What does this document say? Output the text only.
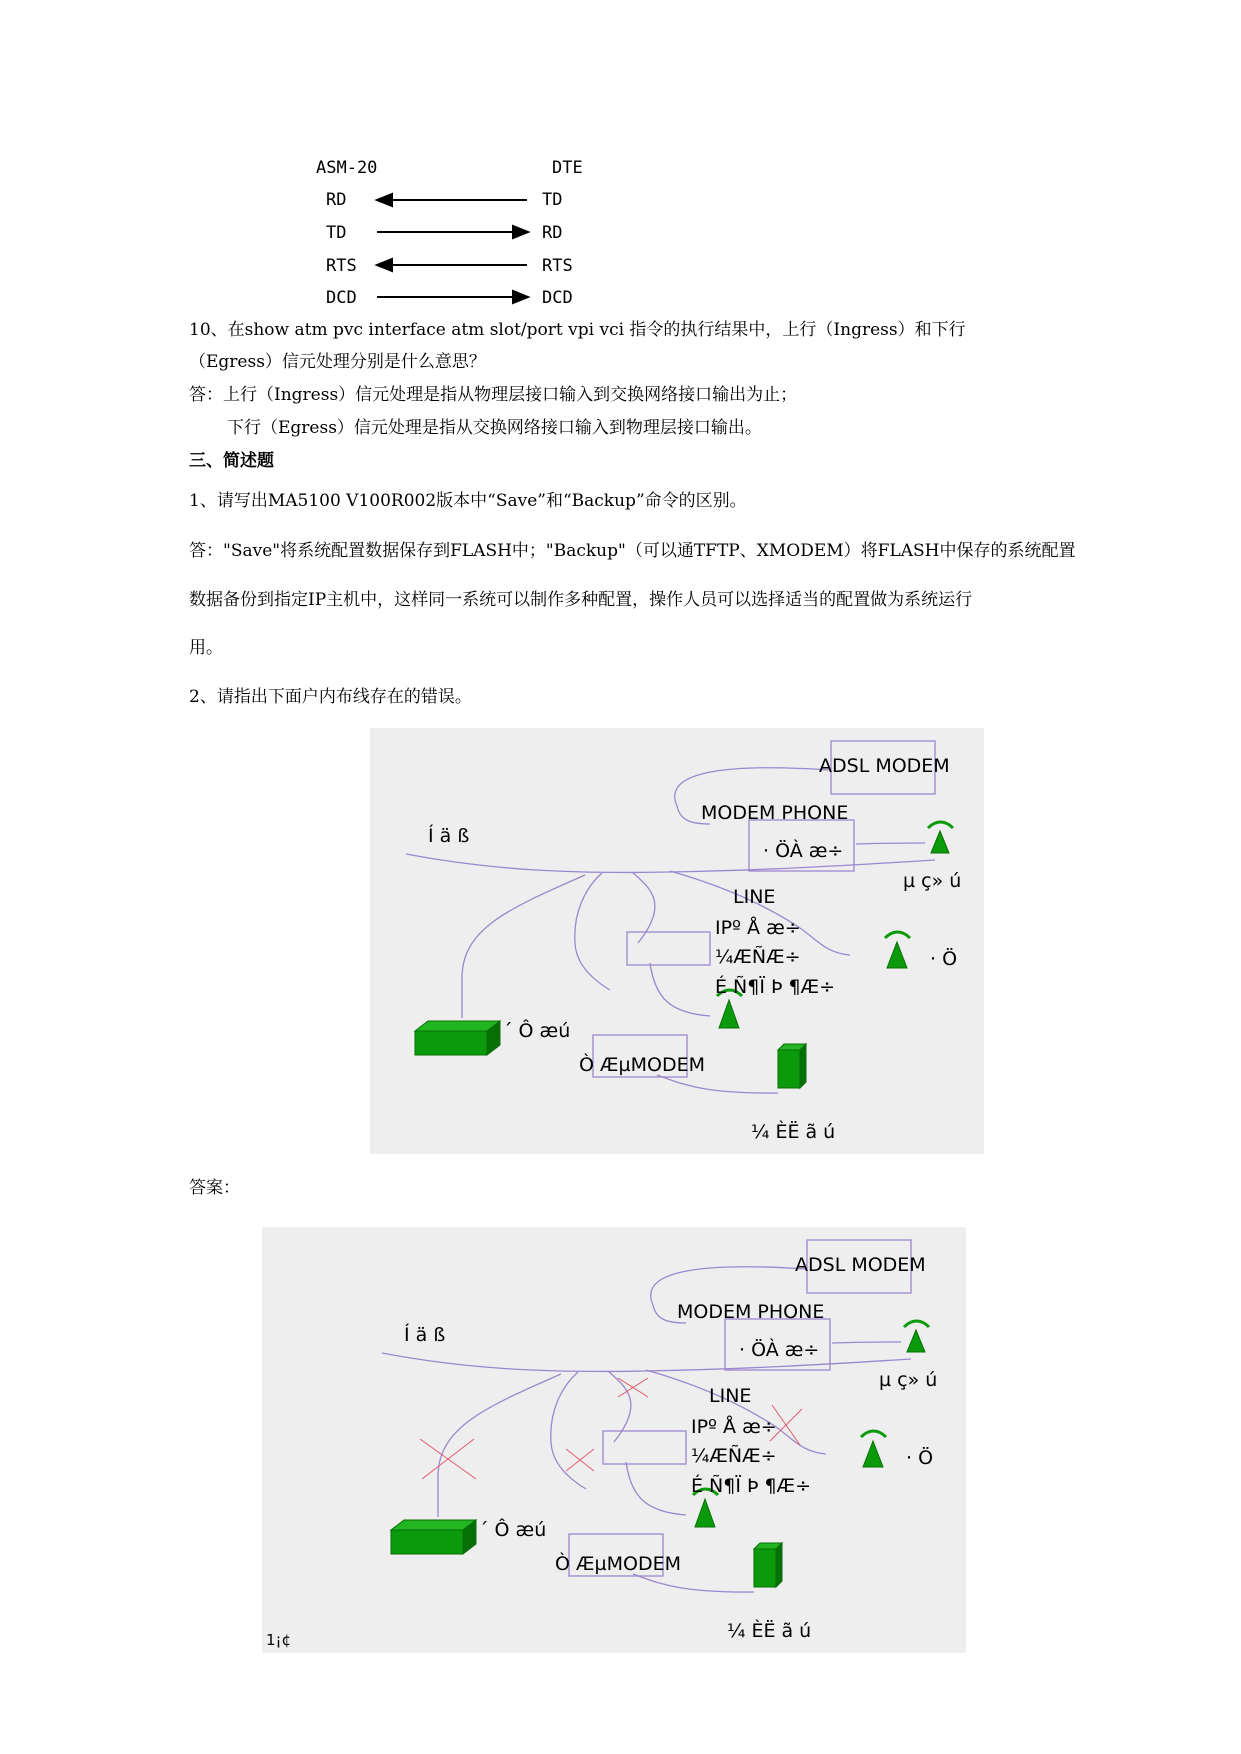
ASM-20	DTE
RD	TD
TD	RD
RTS	RTS
DCD	DCD
10、在show atm pvc interface atm slot/port vpi vci 指令的执行结果中，上行（Ingress）和下行
（Egress）信元处理分别是什么意思？
答：上行（Ingress）信元处理是指从物理层接口输入到交换网络接口输出为止；
下行（Egress）信元处理是指从交换网络接口输入到物理层接口输出。
三、简述题
1、请写出MA5100 V100R002版本中“Save”和“Backup”命令的区别。
答："Save"将系统配置数据保存到FLASH中；"Backup"（可以通TFTP、XMODEM）将FLASH中保存的系统配置
数据备份到指定IP主机中，这样同一系统可以制作多种配置，操作人员可以选择适当的配置做为系统运行
用。
2、请指出下面户内布线存在的错误。
ADSL MODEM
MODEM PHONE
Í ä ß
· ÖÀ æ÷
µ ç» ú
LINE
IPº Å æ÷
¼ÆÑÆ÷
É Ñ¶Ï Þ ¶Æ÷
· Ö
´ Ô æú
Ò ÆµMODEM
¼ ÈË ã ú
答案：
ADSL MODEM
MODEM PHONE
Í ä ß
· ÖÀ æ÷
µ ç» ú
LINE
IPº Å æ÷
¼ÆÑÆ÷
É Ñ¶Ï Þ ¶Æ÷
· Ö
´ Ô æú
Ò ÆµMODEM
¼ ÈË ã ú
1¡¢
